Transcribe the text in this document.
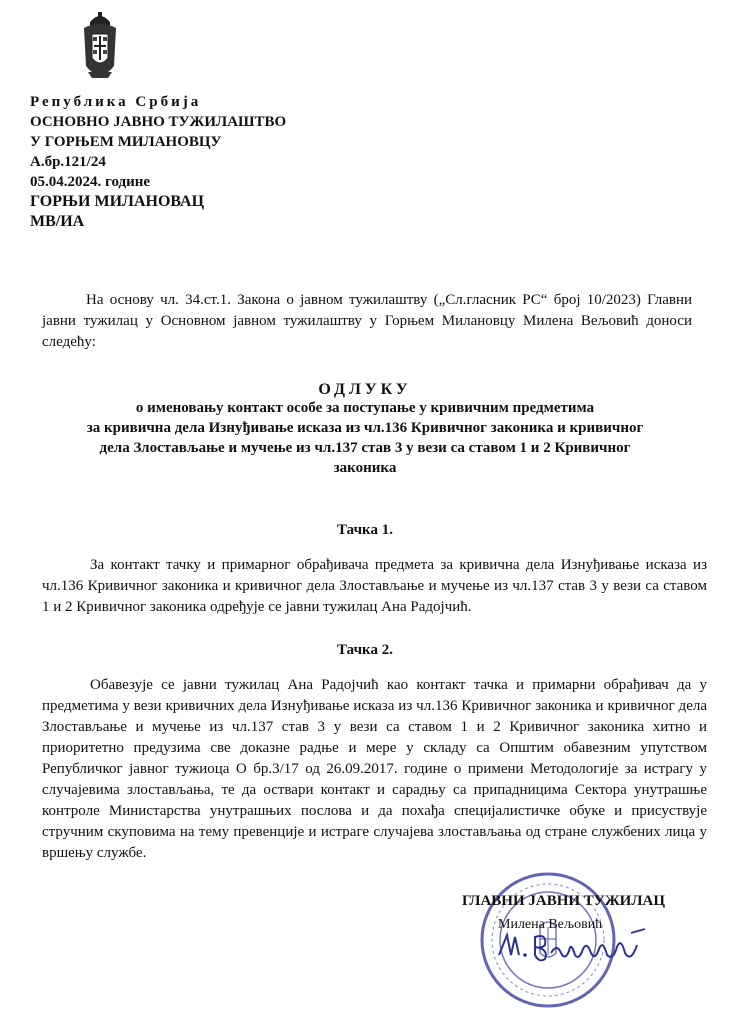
Република Србија
ОСНОВНО ЈАВНО ТУЖИЛАШТВО
У ГОРЊЕМ МИЛАНОВЦУ
А.бр.121/24
05.04.2024. године
ГОРЊИ МИЛАНОВАЦ
МВ/ИА
На основу чл. 34.ст.1. Закона о јавном тужилаштву („Сл.гласник РС“ број 10/2023) Главни јавни тужилац у Основном јавном тужилаштву у Горњем Милановцу Милена Вељовић доноси следећу:
ОДЛУКУ
о именовању контакт особе за поступање у кривичним предметима
за кривична дела Изнуђивање исказа из чл.136 Кривичног законика и кривичног
дела Злостављање и мучење из чл.137 став 3 у вези са ставом 1 и 2 Кривичног
законика
Тачка 1.
За контакт тачку и примарног обрађивача предмета за кривична дела Изнуђивање исказа из чл.136 Кривичног законика и кривичног дела Злостављање и мучење из чл.137 став 3 у вези са ставом 1 и 2 Кривичног законика одређује се јавни тужилац Ана Радојчић.
Тачка 2.
Обавезује се јавни тужилац Ана Радојчић као контакт тачка и примарни обрађивач да у предметима у вези кривичних дела Изнуђивање исказа из чл.136 Кривичног законика и кривичног дела Злостављање и мучење из чл.137 став 3 у вези са ставом 1 и 2 Кривичног законика хитно и приоритетно предузима све доказне радње и мере у складу са Општим обавезним упутством Републичког јавног тужиоца О бр.3/17 од 26.09.2017. године о примени Методологије за истрагу у случајевима злостављања, те да оствари контакт и сарадњу са припадницима Сектора унутрашње контроле Министарства унутрашњих послова и да похађа специјалистичке обуке и присуствује стручним скуповима на тему превенције и истраге случајева злостављања од стране службених лица у вршењу службе.
ГЛАВНИ ЈАВНИ ТУЖИЛАЦ
Милена Вељовић
